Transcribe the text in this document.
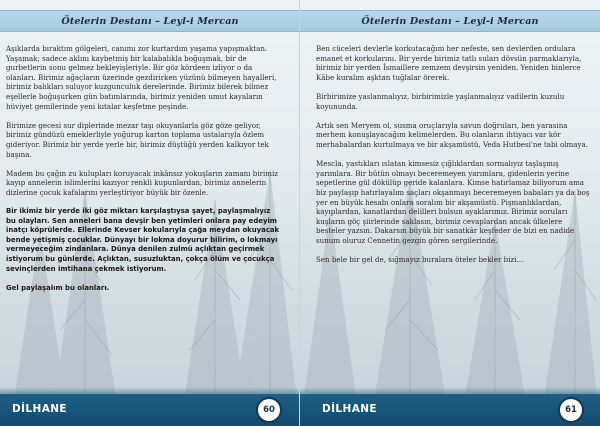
Ötelerin Destanı – Leyl-i Mercan

Aşıklarda bıraktım gölgeleri, canımı zor kurtardım yaşama yapışmaktan. Yaşamak; sadece aklını kaybetmiş bir kalabalıkla boğuşmak, bir de gurbetlerin sonu gelmez bekleyişleriyle. Bir göz kördeen izliyor o da olanları. Birimiz ağaçların üzerinde gezdirirken yüzünü bilmeyen hayalleri, birimiz balıkları suluyor kuzgunculuk derelerinde. Birimiz bilerek bilmez eşellerle boğuşurken gün batımlarında, birimiz yeniden umut kayaların hüviyet gemilerinde yeni kıtalar keşfetme peşinde.

Birimize gecesi sur diplerinde mezar taşı okuyanlarla göz göze geliyor, birimiz gündüzü emeklerliyle yoğurup karton toplama ustalarıyla özlem gideriyor. Birimiz bir yerde yerle bir, birimiz düştüğü yerden kalkıyor tek başına.

Madem bu çağın zu kulupları koruyacak inkânsız yokuşların zamanı birimiz kayıp annelerin islimlerini kazıyor renkli kupunlardan, birimiz annelerin dizlerine çocuk kafalarını yerleştiriyor büyük bir özenle.

Bir ikimiz bir yerde iki göz miktarı karşılaştıysa şayet, paylaşmalıyız bu olayları. Sen anneleri bana devşir ben yetimleri onlara pay edeyim inatçı köprülerde. Ellerinde Kevser kokularıyla çağa meydan okuyacak bende yetişmiş çocuklar. Dünyayı bir lokma doyurur bilirim, o lokmayı vermeyeceğim zindanlara. Dünya denilen zulmü açlıktan geçirmek istiyorum bu günlerde. Açlıktan, susuzluktan, çokça ölüm ve çocukça sevinçlerden imtihana çekmek istiyorum.

Gel paylaşalım bu olanları.

DİLHANE	60
Ötelerin Destanı – Leyl-i Mercan

Ben cüceleri devlerle korkutacağım her nefeste, sen devlerden ordulara emanet et korkularını. Bir yerde birimiz tatlı suları dövsün parmaklarıyla, birimiz bir yerden İsmaillere zemzem devşirsin yeniden. Yeniden binlerce Kâbe kuralım aşktan tuğlalar örerek.

Birbirimize yaslanmalıyız, birbirimizle yaşlanmalıyız vadilerin kuzulu koyununda.

Artık sen Meryem ol, susma oruçlarıyla savun doğruları, ben yarasına merhem konuşlayacağım kelimelerden. Bu olanların ihtiyacı var kör merhabalardan kurtulmaya ve bir akşamüstü, Veda Hutbesi'ne tabi olmaya.

Mescla, yastıkları ıslatan kimsesiz çığlıklardan sormalıyız taşlaşmış yarımlara. Bir bütün olmayı beceremeyen yarımlara, gidenlerin yerine sepetlerine gül dökülüp geride kalanlara. Kimse hatırlamaz biliyorum ama biz paylaşıp hatırlayalım saçları okşanmayı beceremeyen babaları ya da boş yer en büyük hesabı onlara soralım bir akşamüstü. Pişmanlıklardan, kayıplardan, kanatlardan delilleri bulsun ayaklarımız. Birimiz soruları kuşların göç şiirlerinde saklasın, birimiz cevaplardan ancak ülkelere besteler yazsın. Dakarsın büyük bir sanatkâr keşfeder de bizi en nadide sunum oluruz Cennetin gezgin gören sergilerinde.

Sen bele bir gel de, sığmayız buralara öteler bekler bizi...

DİLHANE	61
